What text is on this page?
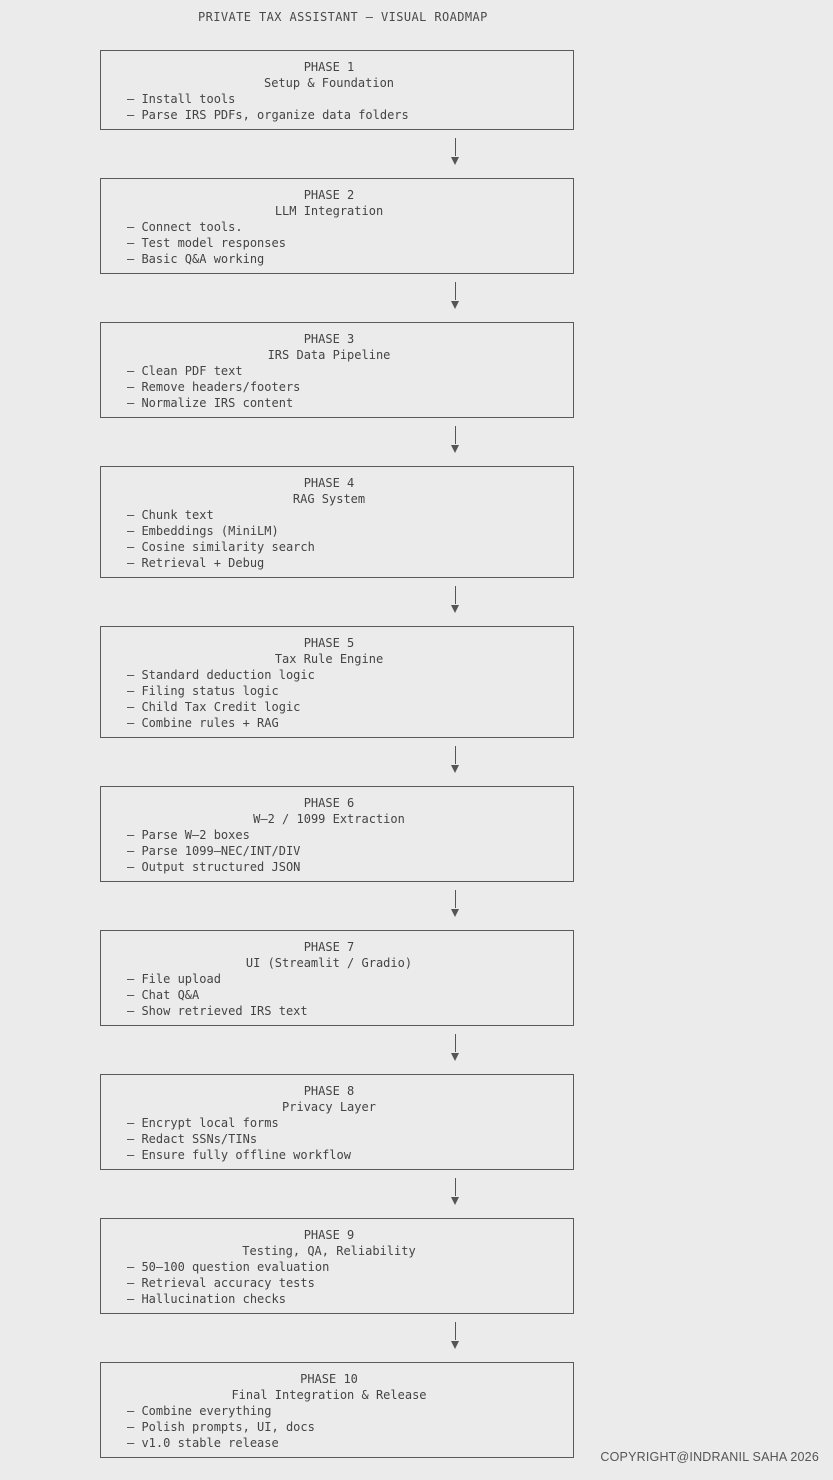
PRIVATE TAX ASSISTANT — VISUAL ROADMAP
PHASE 1
Setup & Foundation
– Install tools
– Parse IRS PDFs, organize data folders
PHASE 2
LLM Integration
– Connect tools.
– Test model responses
– Basic Q&A working
PHASE 3
IRS Data Pipeline
– Clean PDF text
– Remove headers/footers
– Normalize IRS content
PHASE 4
RAG System
– Chunk text
– Embeddings (MiniLM)
– Cosine similarity search
– Retrieval + Debug
PHASE 5
Tax Rule Engine
– Standard deduction logic
– Filing status logic
– Child Tax Credit logic
– Combine rules + RAG
PHASE 6
W–2 / 1099 Extraction
– Parse W–2 boxes
– Parse 1099–NEC/INT/DIV
– Output structured JSON
PHASE 7
UI (Streamlit / Gradio)
– File upload
– Chat Q&A
– Show retrieved IRS text
PHASE 8
Privacy Layer
– Encrypt local forms
– Redact SSNs/TINs
– Ensure fully offline workflow
PHASE 9
Testing, QA, Reliability
– 50–100 question evaluation
– Retrieval accuracy tests
– Hallucination checks
PHASE 10
Final Integration & Release
– Combine everything
– Polish prompts, UI, docs
– v1.0 stable release
COPYRIGHT@INDRANIL SAHA 2026
